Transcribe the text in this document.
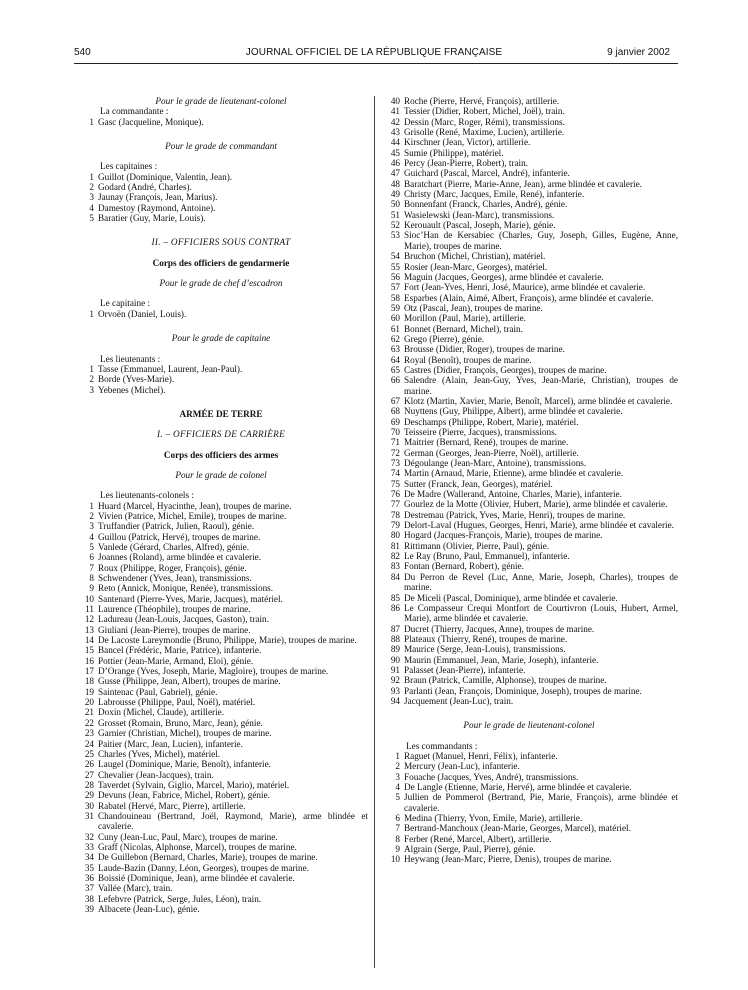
540	JOURNAL OFFICIEL DE LA RÉPUBLIQUE FRANÇAISE	9 janvier 2002
Pour le grade de lieutenant-colonel
La commandante :
1 Gasc (Jacqueline, Monique).
Pour le grade de commandant
Les capitaines :
1 Guillot (Dominique, Valentin, Jean).
2 Godard (André, Charles).
3 Jaunay (François, Jean, Marius).
4 Damestoy (Raymond, Antoine).
5 Baratier (Guy, Marie, Louis).
II. – OFFICIERS SOUS CONTRAT
Corps des officiers de gendarmerie
Pour le grade de chef d’escadron
Le capitaine :
1 Orvoën (Daniel, Louis).
Pour le grade de capitaine
Les lieutenants :
1 Tasse (Emmanuel, Laurent, Jean-Paul).
2 Borde (Yves-Marie).
3 Yebenes (Michel).
ARMÉE DE TERRE
I. – OFFICIERS DE CARRIÈRE
Corps des officiers des armes
Pour le grade de colonel
Les lieutenants-colonels :
1 Huard (Marcel, Hyacinthe, Jean), troupes de marine.
2 Vivien (Patrice, Michel, Emile), troupes de marine.
3 Truffandier (Patrick, Julien, Raoul), génie.
4 Guillou (Patrick, Hervé), troupes de marine.
5 Vanlede (Gérard, Charles, Alfred), génie.
6 Joannes (Roland), arme blindée et cavalerie.
7 Roux (Philippe, Roger, François), génie.
8 Schwendener (Yves, Jean), transmissions.
9 Reto (Annick, Monique, Renée), transmissions.
10 Santenard (Pierre-Yves, Marie, Jacques), matériel.
11 Laurence (Théophile), troupes de marine.
12 Ladureau (Jean-Louis, Jacques, Gaston), train.
13 Giuliani (Jean-Pierre), troupes de marine.
14 De Lacoste Lareymondie (Bruno, Philippe, Marie), troupes de marine.
15 Bancel (Frédéric, Marie, Patrice), infanterie.
16 Pottier (Jean-Marie, Armand, Eloi), génie.
17 D’Orange (Yves, Joseph, Marie, Magloire), troupes de marine.
18 Gusse (Philippe, Jean, Albert), troupes de marine.
19 Saintenac (Paul, Gabriel), génie.
20 Labrousse (Philippe, Paul, Noël), matériel.
21 Doxin (Michel, Claude), artillerie.
22 Grosset (Romain, Bruno, Marc, Jean), génie.
23 Garnier (Christian, Michel), troupes de marine.
24 Paitier (Marc, Jean, Lucien), infanterie.
25 Charles (Yves, Michel), matériel.
26 Laugel (Dominique, Marie, Benoît), infanterie.
27 Chevalier (Jean-Jacques), train.
28 Taverdet (Sylvain, Giglio, Marcel, Mario), matériel.
29 Devuns (Jean, Fabrice, Michel, Robert), génie.
30 Rabatel (Hervé, Marc, Pierre), artillerie.
31 Chandouineau (Bertrand, Joël, Raymond, Marie), arme blindée et cavalerie.
32 Cuny (Jean-Luc, Paul, Marc), troupes de marine.
33 Graff (Nicolas, Alphonse, Marcel), troupes de marine.
34 De Guillebon (Bernard, Charles, Marie), troupes de marine.
35 Laude-Bazin (Danny, Léon, Georges), troupes de marine.
36 Boissié (Dominique, Jean), arme blindée et cavalerie.
37 Vallée (Marc), train.
38 Lefebvre (Patrick, Serge, Jules, Léon), train.
39 Albacete (Jean-Luc), génie.
40 Roche (Pierre, Hervé, François), artillerie.
41 Tessier (Didier, Robert, Michel, Joël), train.
42 Dessin (Marc, Roger, Rémi), transmissions.
43 Grisolle (René, Maxime, Lucien), artillerie.
44 Kirschner (Jean, Victor), artillerie.
45 Sumie (Philippe), matériel.
46 Percy (Jean-Pierre, Robert), train.
47 Guichard (Pascal, Marcel, André), infanterie.
48 Baratchart (Pierre, Marie-Anne, Jean), arme blindée et cavalerie.
49 Christy (Marc, Jacques, Emile, René), infanterie.
50 Bonnenfant (Franck, Charles, André), génie.
51 Wasielewski (Jean-Marc), transmissions.
52 Kerouault (Pascal, Joseph, Marie), génie.
53 Sioc’Han de Kersabiec (Charles, Guy, Joseph, Gilles, Eugène, Anne, Marie), troupes de marine.
54 Bruchon (Michel, Christian), matériel.
55 Rosier (Jean-Marc, Georges), matériel.
56 Maguin (Jacques, Georges), arme blindée et cavalerie.
57 Fort (Jean-Yves, Henri, José, Maurice), arme blindée et cavalerie.
58 Esparbes (Alain, Aimé, Albert, François), arme blindée et cavalerie.
59 Otz (Pascal, Jean), troupes de marine.
60 Morillon (Paul, Marie), artillerie.
61 Bonnet (Bernard, Michel), train.
62 Grego (Pierre), génie.
63 Brousse (Didier, Roger), troupes de marine.
64 Royal (Benoît), troupes de marine.
65 Castres (Didier, François, Georges), troupes de marine.
66 Salendre (Alain, Jean-Guy, Yves, Jean-Marie, Christian), troupes de marine.
67 Klotz (Martin, Xavier, Marie, Benoît, Marcel), arme blindée et cavalerie.
68 Nuyttens (Guy, Philippe, Albert), arme blindée et cavalerie.
69 Deschamps (Philippe, Robert, Marie), matériel.
70 Teisseire (Pierre, Jacques), transmissions.
71 Maitrier (Bernard, René), troupes de marine.
72 German (Georges, Jean-Pierre, Noël), artillerie.
73 Dégoulange (Jean-Marc, Antoine), transmissions.
74 Martin (Arnaud, Marie, Etienne), arme blindée et cavalerie.
75 Sutter (Franck, Jean, Georges), matériel.
76 De Madre (Wallerand, Antoine, Charles, Marie), infanterie.
77 Gourlez de la Motte (Olivier, Hubert, Marie), arme blindée et cavalerie.
78 Destremau (Patrick, Yves, Marie, Henri), troupes de marine.
79 Delort-Laval (Hugues, Georges, Henri, Marie), arme blindée et cavalerie.
80 Hogard (Jacques-François, Marie), troupes de marine.
81 Rittimann (Olivier, Pierre, Paul), génie.
82 Le Ray (Bruno, Paul, Emmanuel), infanterie.
83 Fontan (Bernard, Robert), génie.
84 Du Perron de Revel (Luc, Anne, Marie, Joseph, Charles), troupes de marine.
85 De Miceli (Pascal, Dominique), arme blindée et cavalerie.
86 Le Compasseur Crequi Montfort de Courtivron (Louis, Hubert, Armel, Marie), arme blindée et cavalerie.
87 Ducret (Thierry, Jacques, Anne), troupes de marine.
88 Plateaux (Thierry, René), troupes de marine.
89 Maurice (Serge, Jean-Louis), transmissions.
90 Maurin (Emmanuel, Jean, Marie, Joseph), infanterie.
91 Palasset (Jean-Pierre), infanterie.
92 Braun (Patrick, Camille, Alphonse), troupes de marine.
93 Parlanti (Jean, François, Dominique, Joseph), troupes de marine.
94 Jacquement (Jean-Luc), train.
Pour le grade de lieutenant-colonel
Les commandants :
1 Raguet (Manuel, Henri, Félix), infanterie.
2 Mercury (Jean-Luc), infanterie.
3 Fouache (Jacques, Yves, André), transmissions.
4 De Langle (Etienne, Marie, Hervé), arme blindée et cavalerie.
5 Jullien de Pommerol (Bertrand, Pie, Marie, François), arme blindée et cavalerie.
6 Medina (Thierry, Yvon, Emile, Marie), artillerie.
7 Bertrand-Manchoux (Jean-Marie, Georges, Marcel), matériel.
8 Ferber (René, Marcel, Albert), artillerie.
9 Algrain (Serge, Paul, Pierre), génie.
10 Heywang (Jean-Marc, Pierre, Denis), troupes de marine.
